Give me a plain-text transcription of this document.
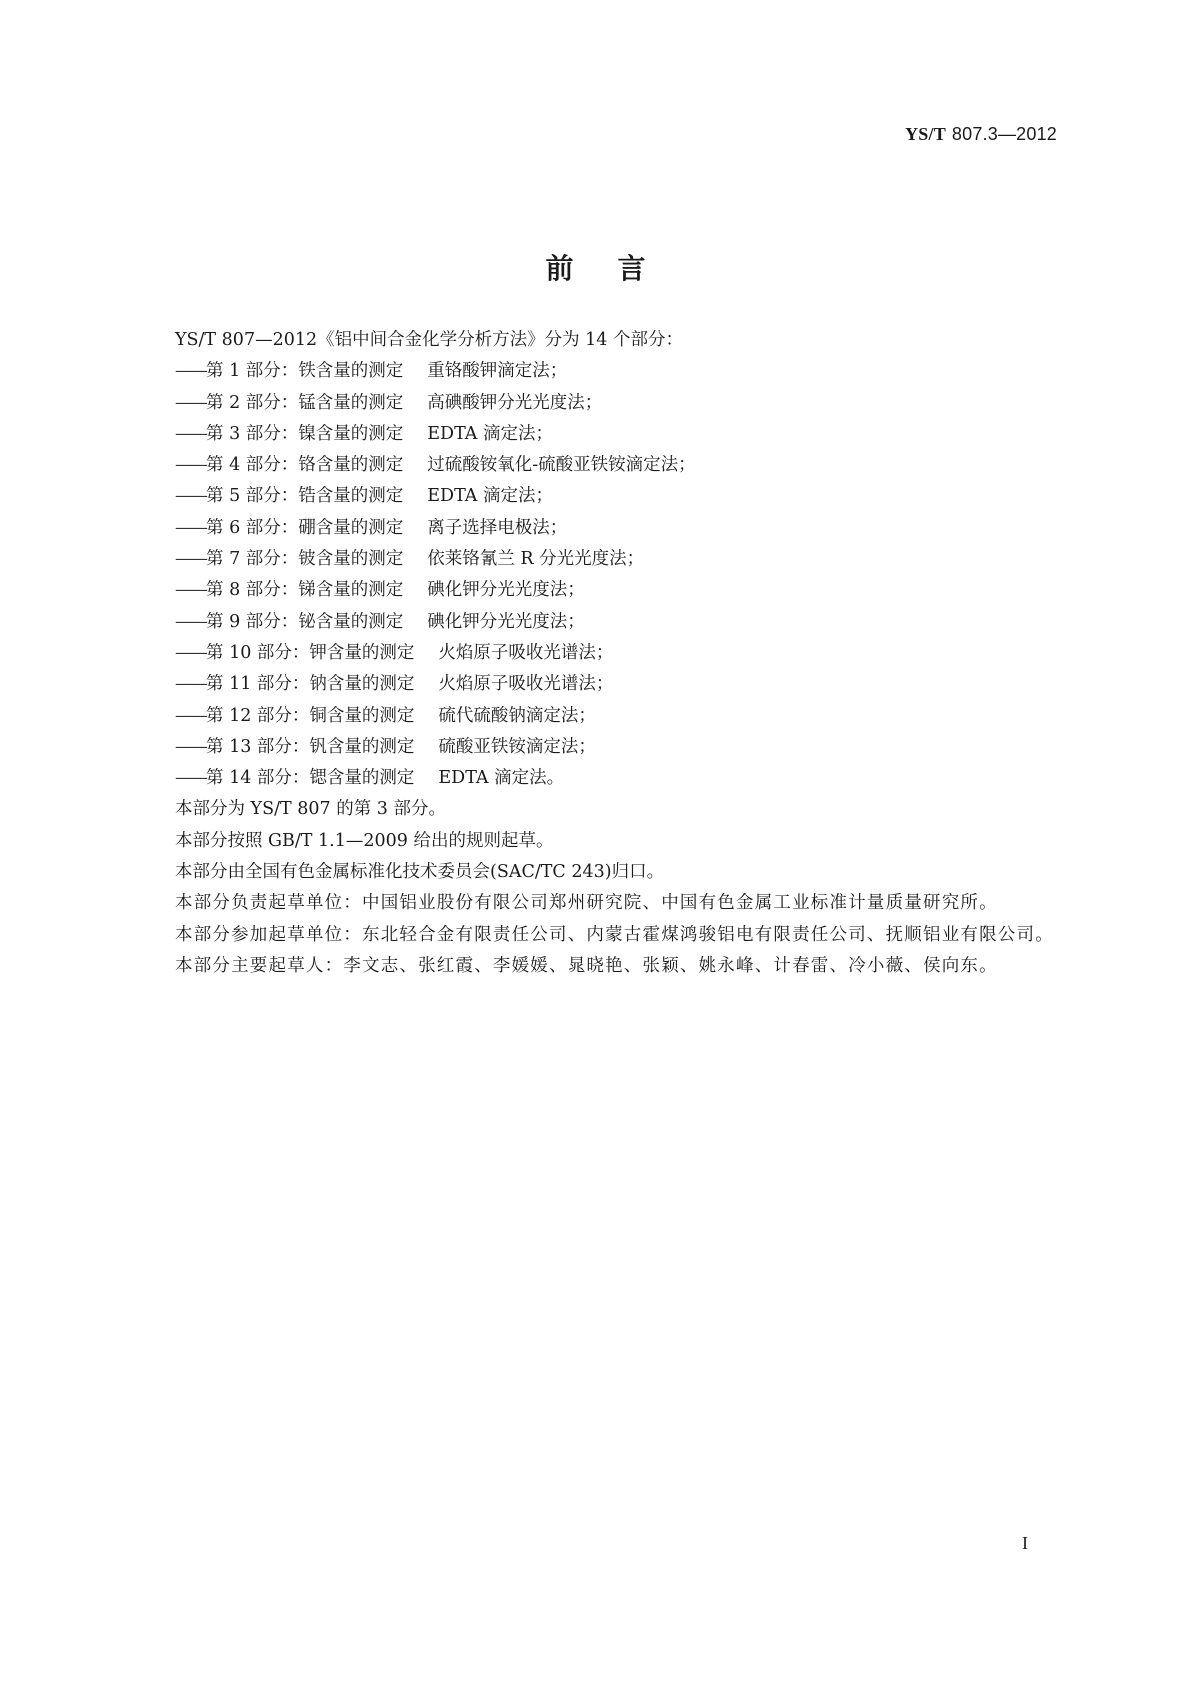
YS/T 807.3—2012
前言

YS/T 807—2012《铝中间合金化学分析方法》分为 14 个部分：

——第 1 部分：铁含量的测定 重铬酸钾滴定法；

——第 2 部分：锰含量的测定 高碘酸钾分光光度法；

——第 3 部分：镍含量的测定 EDTA 滴定法；

——第 4 部分：铬含量的测定 过硫酸铵氧化-硫酸亚铁铵滴定法；

——第 5 部分：锆含量的测定 EDTA 滴定法；

——第 6 部分：硼含量的测定 离子选择电极法；

——第 7 部分：铍含量的测定 依莱铬氰兰 R 分光光度法；

——第 8 部分：锑含量的测定 碘化钾分光光度法；

——第 9 部分：铋含量的测定 碘化钾分光光度法；

——第 10 部分：钾含量的测定 火焰原子吸收光谱法；

——第 11 部分：钠含量的测定 火焰原子吸收光谱法；

——第 12 部分：铜含量的测定 硫代硫酸钠滴定法；

——第 13 部分：钒含量的测定 硫酸亚铁铵滴定法；

——第 14 部分：锶含量的测定 EDTA 滴定法。

本部分为 YS/T 807 的第 3 部分。

本部分按照 GB/T 1.1—2009 给出的规则起草。

本部分由全国有色金属标准化技术委员会(SAC/TC 243)归口。

本部分负责起草单位：中国铝业股份有限公司郑州研究院、中国有色金属工业标准计量质量研究所。

本部分参加起草单位：东北轻合金有限责任公司、内蒙古霍煤鸿骏铝电有限责任公司、抚顺铝业有限公司。

本部分主要起草人：李文志、张红霞、李媛媛、晁晓艳、张颖、姚永峰、计春雷、冷小薇、侯向东。

I
